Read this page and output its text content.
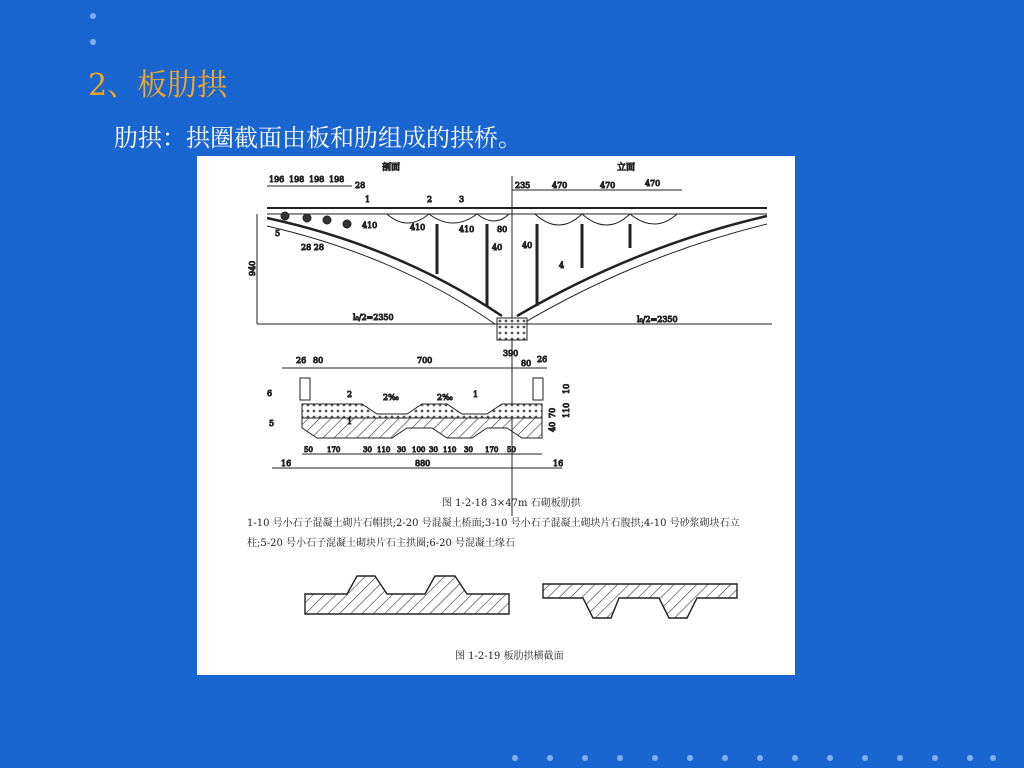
2、板肋拱
肋拱：拱圈截面由板和肋组成的拱桥。
剖面	立面
196 198 198 198
28	235	470	470	470
1	2	3
4
5
410	410	410	80
40 40
28 28
940
l₀/2=2350	l₀/2=2350
390
26 80	700	80 26
2‰	2‰
6
5
2	1
1
10
110
40
70
50 170	30 110 30 100 30 110 30 170 50
880
16	16
图 1-2-18 3×47m 石砌板肋拱
1-10 号小石子混凝土砌片石帽拱;2-20 号混凝土桥面;3-10 号小石子混凝土砌块片石腹拱;4-10 号砂浆砌块石立
柱;5-20 号小石子混凝土砌块片石主拱圈;6-20 号混凝土缘石
图 1-2-19 板肋拱横截面
